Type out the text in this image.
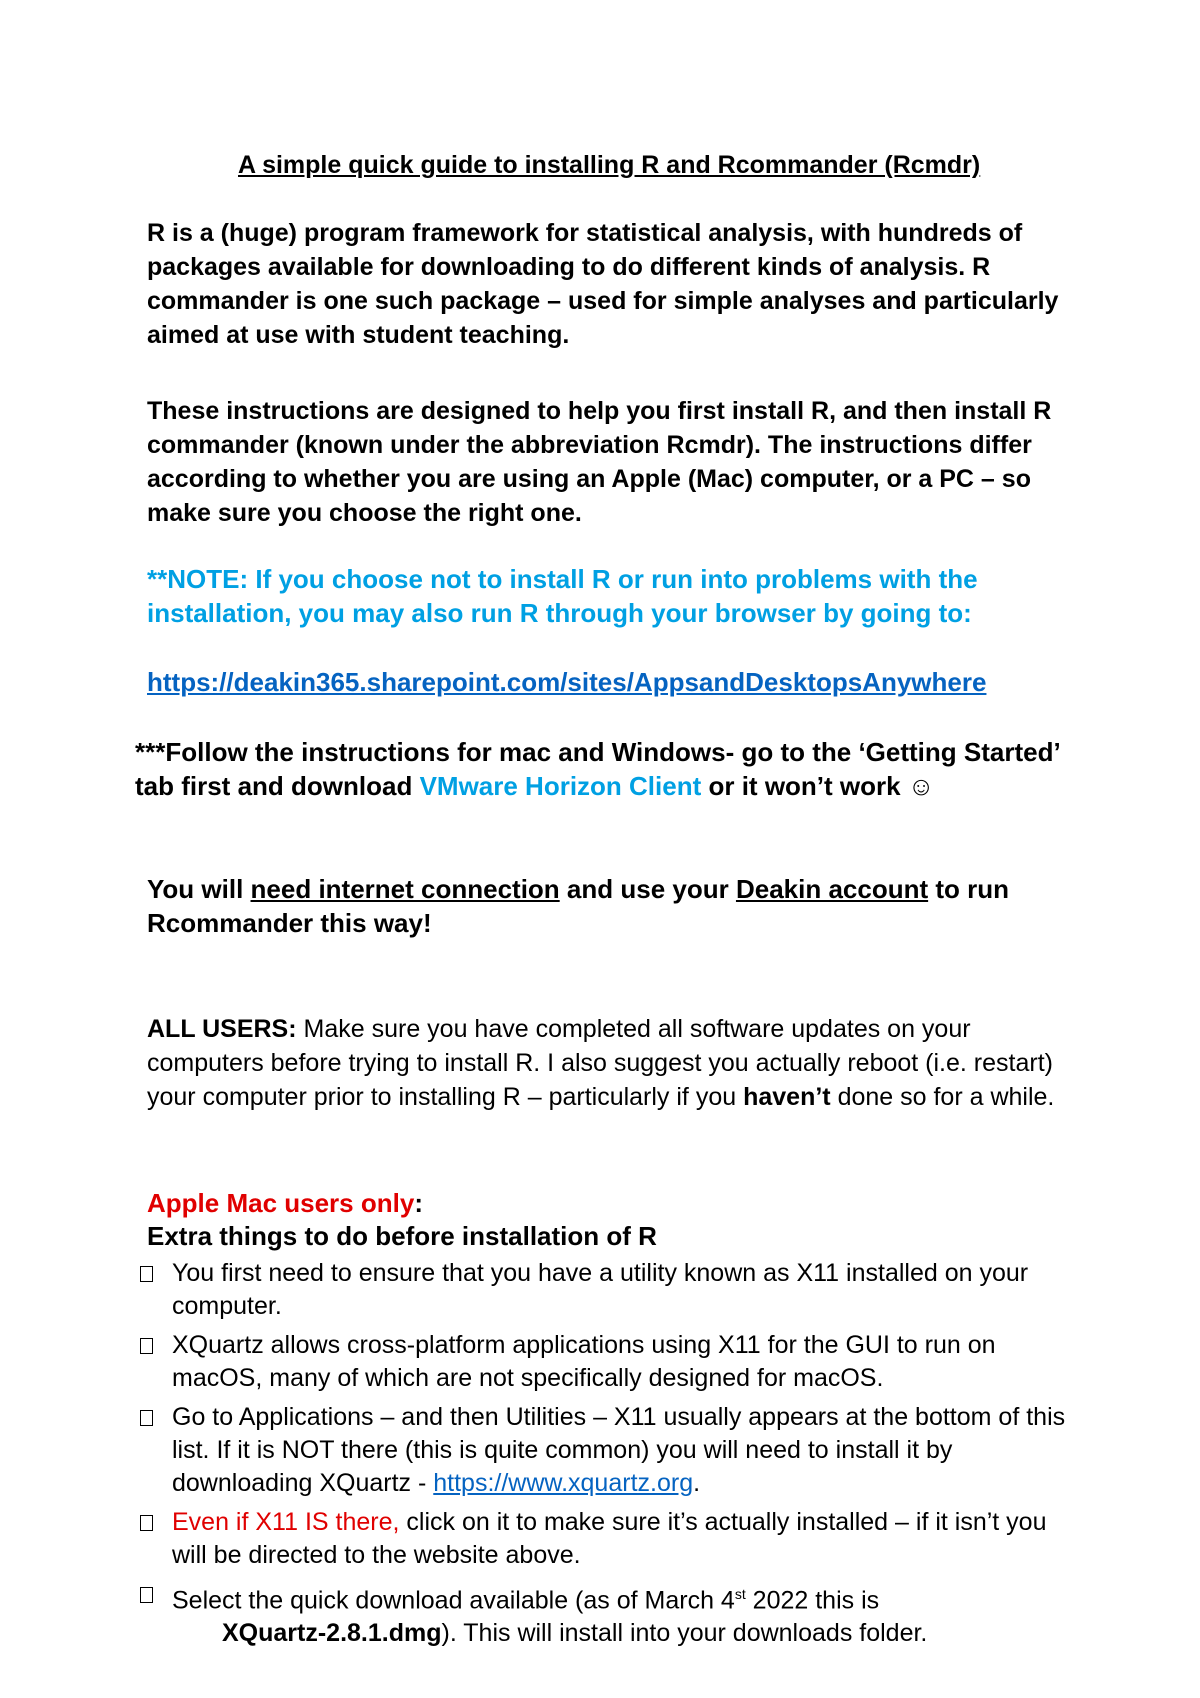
A simple quick guide to installing R and Rcommander (Rcmdr)

R is a (huge) program framework for statistical analysis, with hundreds of packages available for downloading to do different kinds of analysis. R commander is one such package – used for simple analyses and particularly aimed at use with student teaching.

These instructions are designed to help you first install R, and then install R commander (known under the abbreviation Rcmdr). The instructions differ according to whether you are using an Apple (Mac) computer, or a PC – so make sure you choose the right one.

**NOTE: If you choose not to install R or run into problems with the installation, you may also run R through your browser by going to:

https://deakin365.sharepoint.com/sites/AppsandDesktopsAnywhere

***Follow the instructions for mac and Windows- go to the ‘Getting Started’ tab first and download VMware Horizon Client or it won’t work ☺

You will need internet connection and use your Deakin account to run Rcommander this way!

ALL USERS: Make sure you have completed all software updates on your computers before trying to install R. I also suggest you actually reboot (i.e. restart) your computer prior to installing R – particularly if you haven’t done so for a while.

Apple Mac users only:
Extra things to do before installation of R
You first need to ensure that you have a utility known as X11 installed on your computer.
XQuartz allows cross-platform applications using X11 for the GUI to run on macOS, many of which are not specifically designed for macOS.
Go to Applications – and then Utilities – X11 usually appears at the bottom of this list. If it is NOT there (this is quite common) you will need to install it by downloading XQuartz - https://www.xquartz.org.
Even if X11 IS there, click on it to make sure it’s actually installed – if it isn’t you will be directed to the website above.
Select the quick download available (as of March 4st 2022 this is
XQuartz-2.8.1.dmg). This will install into your downloads folder.
